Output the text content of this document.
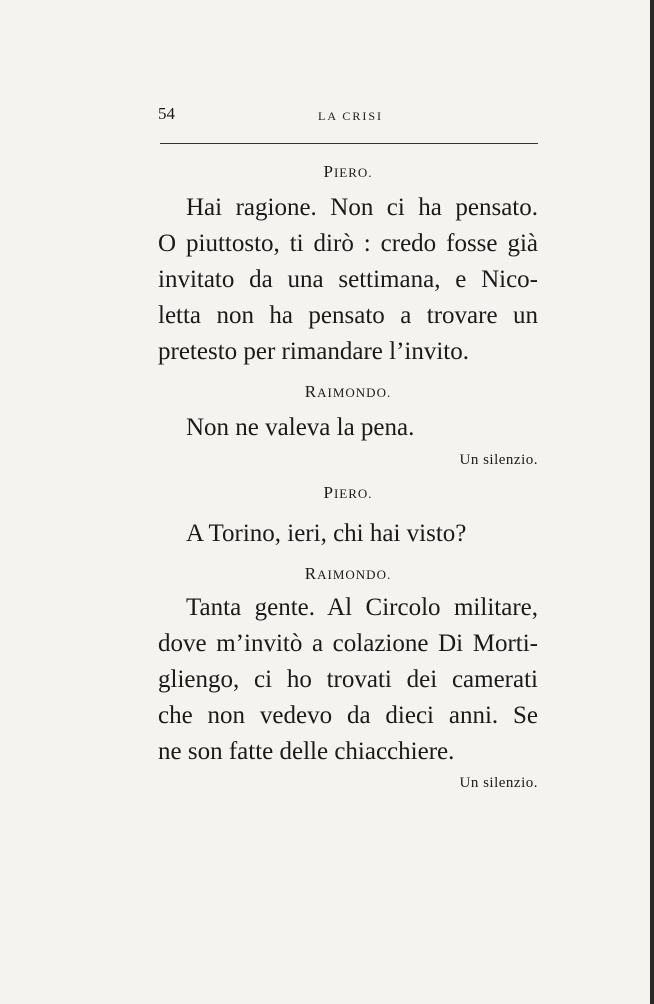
54	LA CRISI
PIERO.

Hai ragione. Non ci ha pensato.
O piuttosto, ti dirò : credo fosse già
invitato da una settimana, e Nico-
letta non ha pensato a trovare un
pretesto per rimandare l’invito.

RAIMONDO.

Non ne valeva la pena.

Un silenzio.
PIERO.

A Torino, ieri, chi hai visto?

RAIMONDO.

Tanta gente. Al Circolo militare,
dove m’invitò a colazione Di Morti-
gliengo, ci ho trovati dei camerati
che non vedevo da dieci anni. Se
ne son fatte delle chiacchiere.

Un silenzio.
